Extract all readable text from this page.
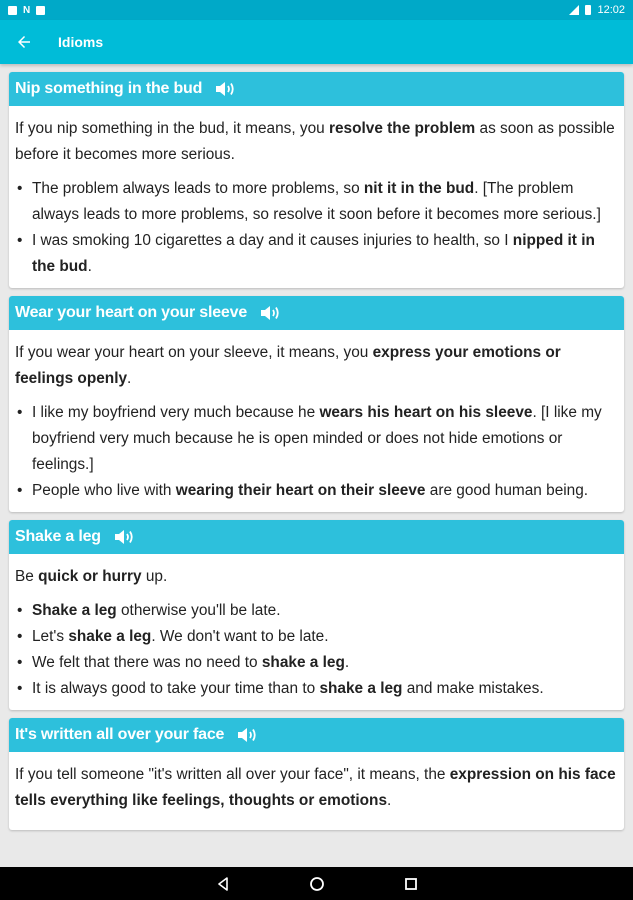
N	12:02
Idioms
Nip something in the bud

If you nip something in the bud, it means, you resolve the problem as soon as possible before it becomes more serious.

• The problem always leads to more problems, so nit it in the bud. [The problem always leads to more problems, so resolve it soon before it becomes more serious.]
• I was smoking 10 cigarettes a day and it causes injuries to health, so I nipped it in the bud.
Wear your heart on your sleeve

If you wear your heart on your sleeve, it means, you express your emotions or feelings openly.

• I like my boyfriend very much because he wears his heart on his sleeve. [I like my boyfriend very much because he is open minded or does not hide emotions or feelings.]
• People who live with wearing their heart on their sleeve are good human being.
Shake a leg

Be quick or hurry up.

• Shake a leg otherwise you'll be late.
• Let's shake a leg. We don't want to be late.
• We felt that there was no need to shake a leg.
• It is always good to take your time than to shake a leg and make mistakes.
It's written all over your face

If you tell someone "it's written all over your face", it means, the expression on his face tells everything like feelings, thoughts or emotions.
